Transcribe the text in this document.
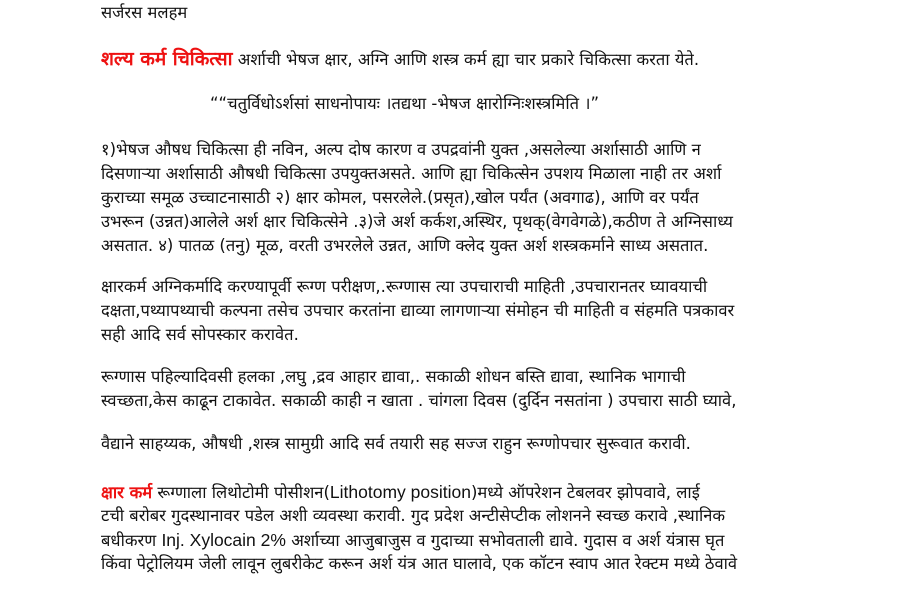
सर्जरस मलहम
शल्य कर्म चिकित्सा अर्शाची भेषज क्षार, अग्नि आणि शस्त्र कर्म ह्या चार प्रकारे चिकित्सा करता येते.
““चतुर्विधोऽर्शसां साधनोपायः ।तद्यथा -भेषज क्षारोग्निःशस्त्रमिति ।”
१)भेषज औषध चिकित्सा ही नविन, अल्प दोष कारण व उपद्रवांनी युक्त ,असलेल्या अर्शासाठी आणि न
दिसणाऱ्या अर्शासाठी औषधी चिकित्सा उपयुक्तअसते. आणि ह्या चिकित्सेन उपशय मिळाला नाही तर अर्शा
कुराच्या समूळ उच्चाटनासाठी २) क्षार कोमल, पसरलेले.(प्रसृत),खोल पर्यंत (अवगाढ), आणि वर पर्यंत
उभरून (उन्नत)आलेले अर्श क्षार चिकित्सेने .३)जे अर्श कर्कश,अस्थिर, पृथक्(वेगवेगळे),कठीण ते अग्निसाध्य
असतात. ४) पातळ (तनु) मूळ, वरती उभरलेले उन्नत, आणि क्लेद युक्त अर्श शस्त्रकर्माने साध्य असतात.
क्षारकर्म अग्निकर्मादि करण्यापूर्वी रूग्ण परीक्षण,.रूग्णास त्या उपचाराची माहिती ,उपचारानतर घ्यावयाची
दक्षता,पथ्यापथ्याची कल्पना तसेच उपचार करतांना द्याव्या लागणाऱ्या संमोहन ची माहिती व संहमति पत्रकावर
सही आदि सर्व सोपस्कार करावेत.
रूग्णास पहिल्यादिवसी हलका ,लघु ,द्रव आहार द्यावा,. सकाळी शोधन बस्ति द्यावा, स्थानिक भागाची
स्वच्छता,केस काढून टाकावेत. सकाळी काही न खाता . चांगला दिवस (दुर्दिन नसतांना ) उपचारा साठी घ्यावे,
वैद्याने साहय्यक, औषधी ,शस्त्र सामुग्री आदि सर्व तयारी सह सज्ज राहुन रूग्णोपचार सुरूवात करावी.
क्षार कर्म रूग्णाला लिथोटोमी पोसीशन(Lithotomy position)मध्ये ऑपरेशन टेबलवर झोपवावे, लाई
टची बरोबर गुदस्थानावर पडेल अशी व्यवस्था करावी. गुद प्रदेश अन्टीसेप्टीक लोशनने स्वच्छ करावे ,स्थानिक
बधीकरण Inj. Xylocain 2% अर्शाच्या आजुबाजुस व गुदाच्या सभोवताली द्यावे. गुदास व अर्श यंत्रास घृत
किंवा पेट्रोलियम जेली लावून लुबरीकेट करून अर्श यंत्र आत घालावे, एक कॉटन स्वाप आत रेक्टम मध्ये ठेवावे
